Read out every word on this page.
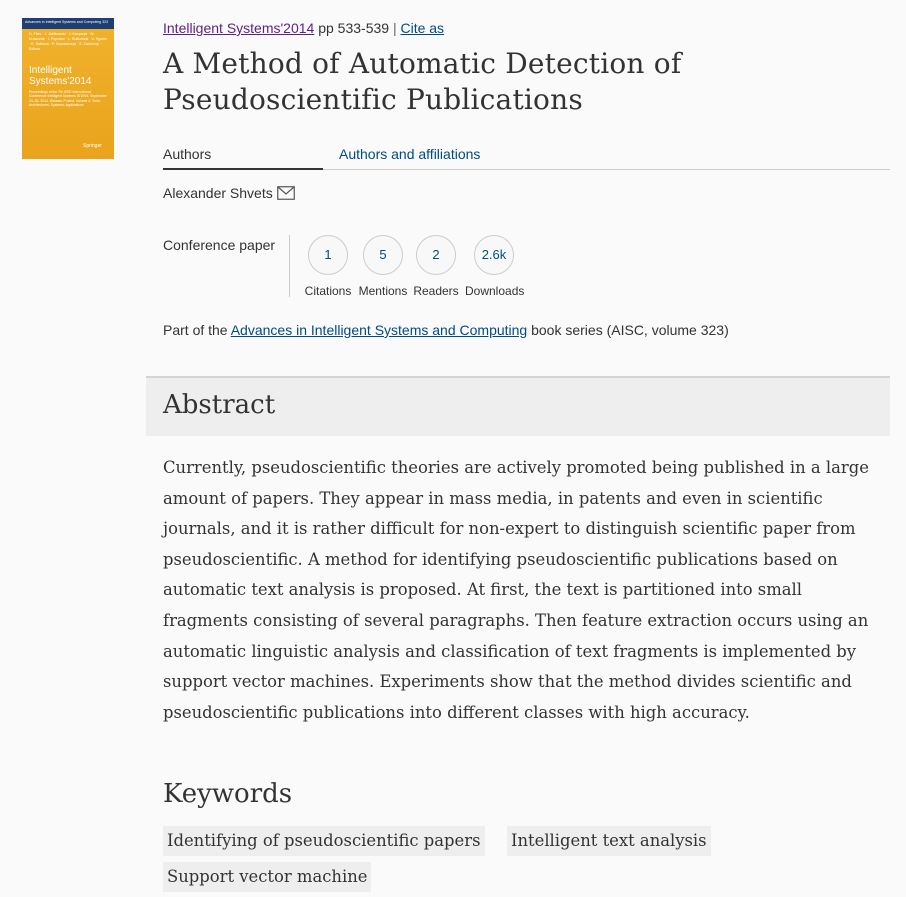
Advances in Intelligent Systems and Computing 323
D. Filev · J. Jabłkowski · J. Kacprzyk · M. Krawczak · I. Popchev · L. Rutkowski · V. Sgurev · E. Sotirova · P. Szynkarczyk · S. Zadrozny Editors
Intelligent Systems'2014
Proceedings of the 7th IEEE International Conference Intelligent Systems IS'2014, September 24–26, 2014, Warsaw, Poland, Volume 2: Tools, Architectures, Systems, Applications
Springer
Intelligent Systems'2014 pp 533-539 | Cite as
A Method of Automatic Detection of Pseudoscientific Publications
Authors	Authors and affiliations
Alexander Shvets
Conference paper
1
Citations
5
Mentions
2
Readers
2.6k
Downloads
Part of the Advances in Intelligent Systems and Computing book series (AISC, volume 323)
Abstract

Currently, pseudoscientific theories are actively promoted being published in a large amount of papers. They appear in mass media, in patents and even in scientific journals, and it is rather difficult for non-expert to distinguish scientific paper from pseudoscientific. A method for identifying pseudoscientific publications based on automatic text analysis is proposed. At first, the text is partitioned into small fragments consisting of several paragraphs. Then feature extraction occurs using an automatic linguistic analysis and classification of text fragments is implemented by support vector machines. Experiments show that the method divides scientific and pseudoscientific publications into different classes with high accuracy.

Keywords
Identifying of pseudoscientific papers Intelligent text analysis
Support vector machine
